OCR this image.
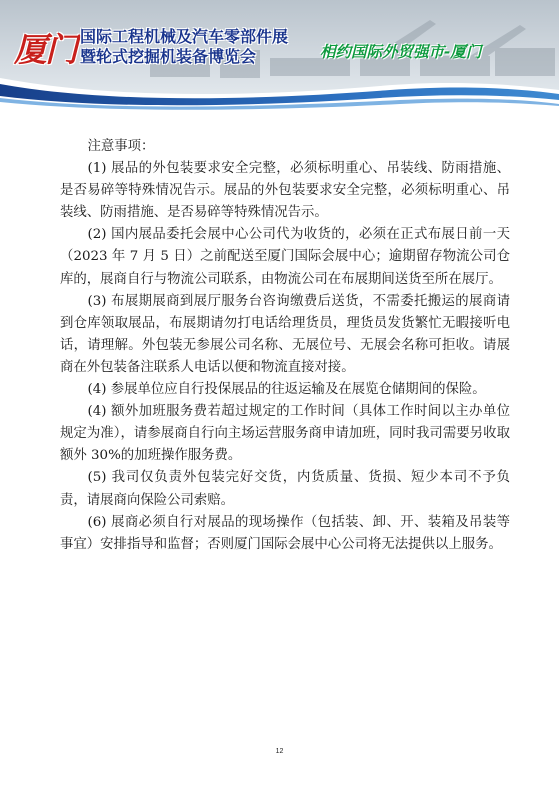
厦门 国际工程机械及汽车零部件展
暨轮式挖掘机装备博览会	相约国际外贸强市-厦门

注意事项：

(1) 展品的外包装要求安全完整，必须标明重心、吊装线、防雨措施、是否易碎等特殊情况告示。展品的外包装要求安全完整，必须标明重心、吊装线、防雨措施、是否易碎等特殊情况告示。

(2) 国内展品委托会展中心公司代为收货的，必须在正式布展日前一天（2023 年 7 月 5 日）之前配送至厦门国际会展中心；逾期留存物流公司仓库的，展商自行与物流公司联系，由物流公司在布展期间送货至所在展厅。

(3) 布展期展商到展厅服务台咨询缴费后送货，不需委托搬运的展商请到仓库领取展品，布展期请勿打电话给理货员，理货员发货繁忙无暇接听电话，请理解。外包装无参展公司名称、无展位号、无展会名称可拒收。请展商在外包装备注联系人电话以便和物流直接对接。

(4) 参展单位应自行投保展品的往返运输及在展览仓储期间的保险。

(4) 额外加班服务费若超过规定的工作时间（具体工作时间以主办单位规定为准），请参展商自行向主场运营服务商申请加班，同时我司需要另收取额外 30%的加班操作服务费。

(5) 我司仅负责外包装完好交货，内货质量、货损、短少本司不予负责，请展商向保险公司索赔。

(6) 展商必须自行对展品的现场操作（包括装、卸、开、装箱及吊装等事宜）安排指导和监督；否则厦门国际会展中心公司将无法提供以上服务。

12
